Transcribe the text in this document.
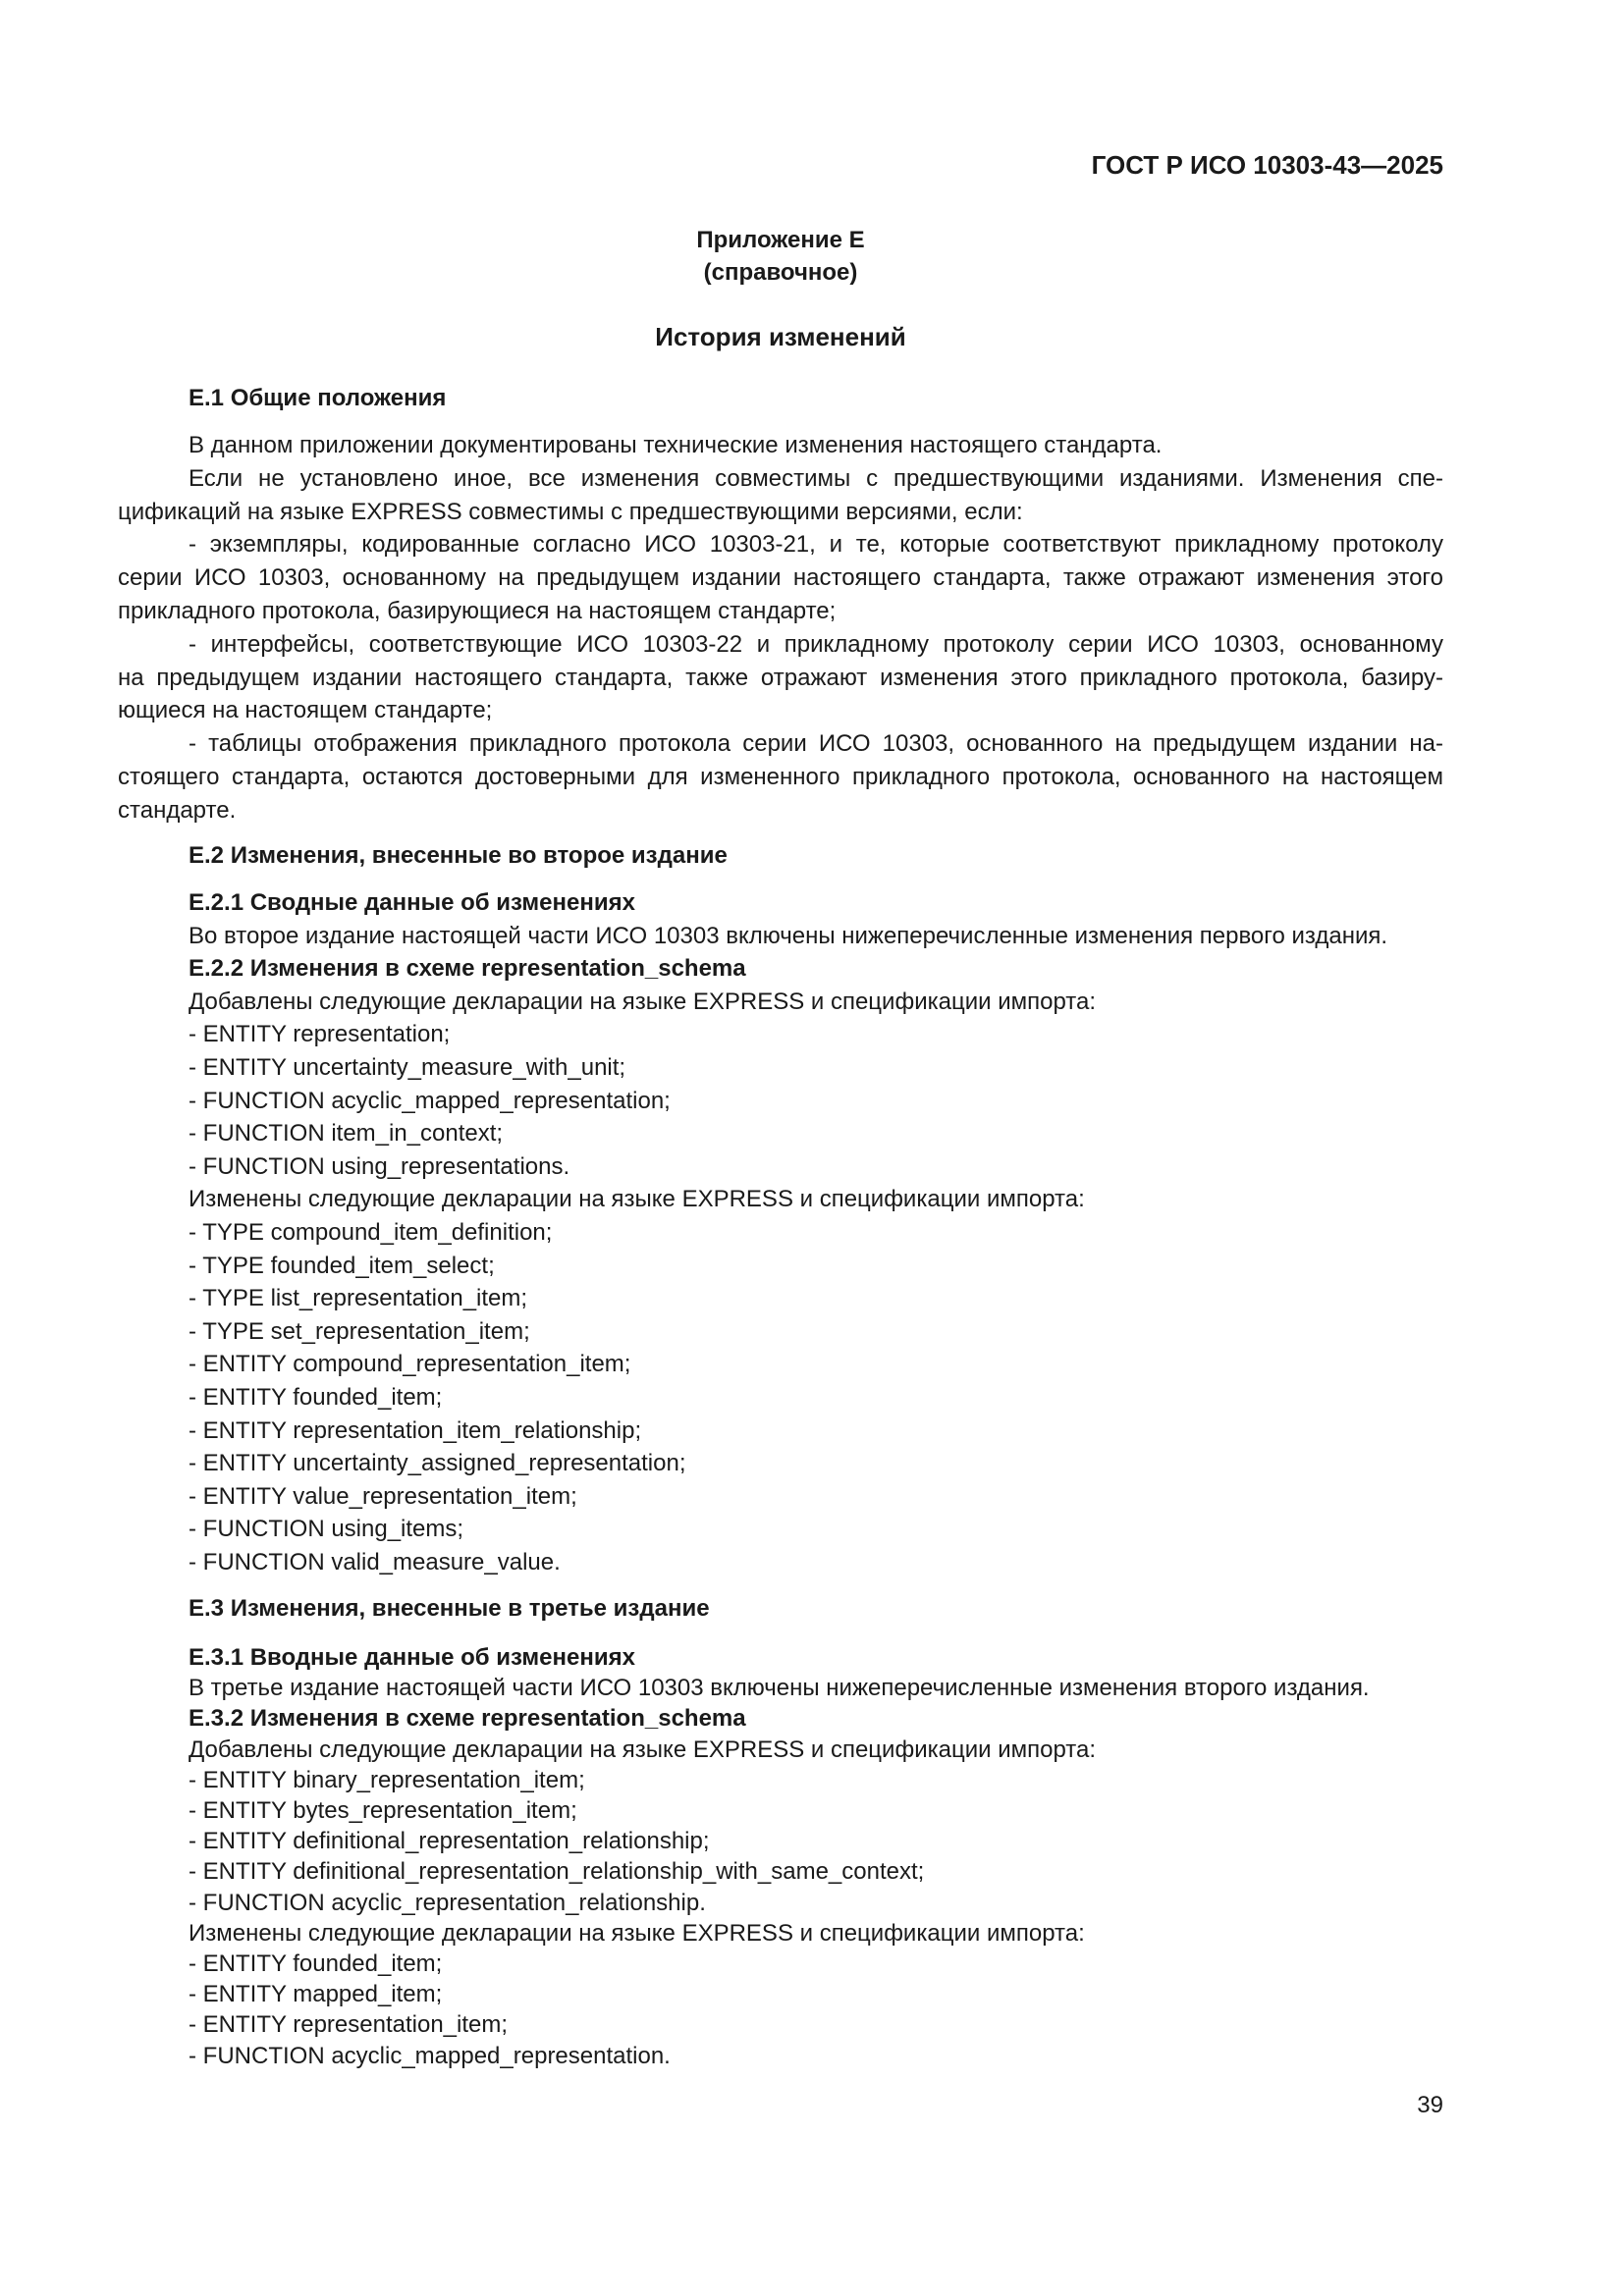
ГОСТ Р ИСО 10303-43—2025
Приложение Е
(справочное)
История изменений
Е.1 Общие положения
В данном приложении документированы технические изменения настоящего стандарта.
Если не установлено иное, все изменения совместимы с предшествующими изданиями. Изменения спе-
цификаций на языке EXPRESS совместимы с предшествующими версиями, если:
- экземпляры, кодированные согласно ИСО 10303-21, и те, которые соответствуют прикладному протоколу
серии ИСО 10303, основанному на предыдущем издании настоящего стандарта, также отражают изменения этого
прикладного протокола, базирующиеся на настоящем стандарте;
- интерфейсы, соответствующие ИСО 10303-22 и прикладному протоколу серии ИСО 10303, основанному
на предыдущем издании настоящего стандарта, также отражают изменения этого прикладного протокола, базиру-
ющиеся на настоящем стандарте;
- таблицы отображения прикладного протокола серии ИСО 10303, основанного на предыдущем издании на-
стоящего стандарта, остаются достоверными для измененного прикладного протокола, основанного на настоящем
стандарте.
Е.2 Изменения, внесенные во второе издание
Е.2.1 Сводные данные об изменениях
Во второе издание настоящей части ИСО 10303 включены нижеперечисленные изменения первого издания.
Е.2.2 Изменения в схеме representation_schema
Добавлены следующие декларации на языке EXPRESS и спецификации импорта:
- ENTITY representation;
- ENTITY uncertainty_measure_with_unit;
- FUNCTION acyclic_mapped_representation;
- FUNCTION item_in_context;
- FUNCTION using_representations.
Изменены следующие декларации на языке EXPRESS и спецификации импорта:
- TYPE compound_item_definition;
- TYPE founded_item_select;
- TYPE list_representation_item;
- TYPE set_representation_item;
- ENTITY compound_representation_item;
- ENTITY founded_item;
- ENTITY representation_item_relationship;
- ENTITY uncertainty_assigned_representation;
- ENTITY value_representation_item;
- FUNCTION using_items;
- FUNCTION valid_measure_value.
Е.3 Изменения, внесенные в третье издание
Е.3.1 Вводные данные об изменениях
В третье издание настоящей части ИСО 10303 включены нижеперечисленные изменения второго издания.
Е.3.2 Изменения в схеме representation_schema
Добавлены следующие декларации на языке EXPRESS и спецификации импорта:
- ENTITY binary_representation_item;
- ENTITY bytes_representation_item;
- ENTITY definitional_representation_relationship;
- ENTITY definitional_representation_relationship_with_same_context;
- FUNCTION acyclic_representation_relationship.
Изменены следующие декларации на языке EXPRESS и спецификации импорта:
- ENTITY founded_item;
- ENTITY mapped_item;
- ENTITY representation_item;
- FUNCTION acyclic_mapped_representation.
39
